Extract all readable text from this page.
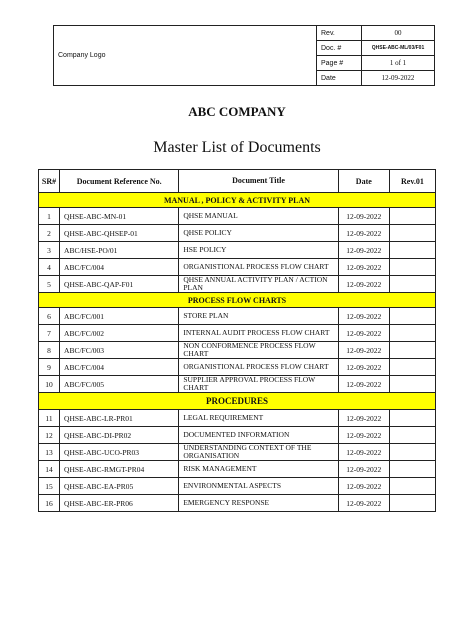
Company Logo	Rev.	00
	Doc. #	QHSE-ABC-ML/03/F01
	Page #	1 of 1
	Date	12-09-2022
ABC COMPANY
Master List of Documents
SR#	Document Reference No.	Document Title	Date	Rev.01
MANUAL , POLICY & ACTIVITY PLAN				
1	QHSE-ABC-MN-01	QHSE MANUAL	12-09-2022	
2	QHSE-ABC-QHSEP-01	QHSE POLICY	12-09-2022	
3	ABC/HSE-PO/01	HSE POLICY	12-09-2022	
4	ABC/FC/004	ORGANISTIONAL PROCESS FLOW CHART	12-09-2022	
5	QHSE-ABC-QAP-F01	QHSE ANNUAL ACTIVITY PLAN / ACTION PLAN	12-09-2022	
PROCESS FLOW CHARTS				
6	ABC/FC/001	STORE PLAN	12-09-2022	
7	ABC/FC/002	INTERNAL AUDIT PROCESS FLOW CHART	12-09-2022	
8	ABC/FC/003	NON CONFORMENCE PROCESS FLOW CHART	12-09-2022	
9	ABC/FC/004	ORGANISTIONAL PROCESS FLOW CHART	12-09-2022	
10	ABC/FC/005	SUPPLIER APPROVAL PROCESS FLOW CHART	12-09-2022	
PROCEDURES				
11	QHSE-ABC-LR-PR01	LEGAL REQUIREMENT	12-09-2022	
12	QHSE-ABC-DI-PR02	DOCUMENTED INFORMATION	12-09-2022	
13	QHSE-ABC-UCO-PR03	UNDERSTANDING CONTEXT OF THE ORGANISATION	12-09-2022	
14	QHSE-ABC-RMGT-PR04	RISK MANAGEMENT	12-09-2022	
15	QHSE-ABC-EA-PR05	ENVIRONMENTAL ASPECTS	12-09-2022	
16	QHSE-ABC-ER-PR06	EMERGENCY RESPONSE	12-09-2022	
